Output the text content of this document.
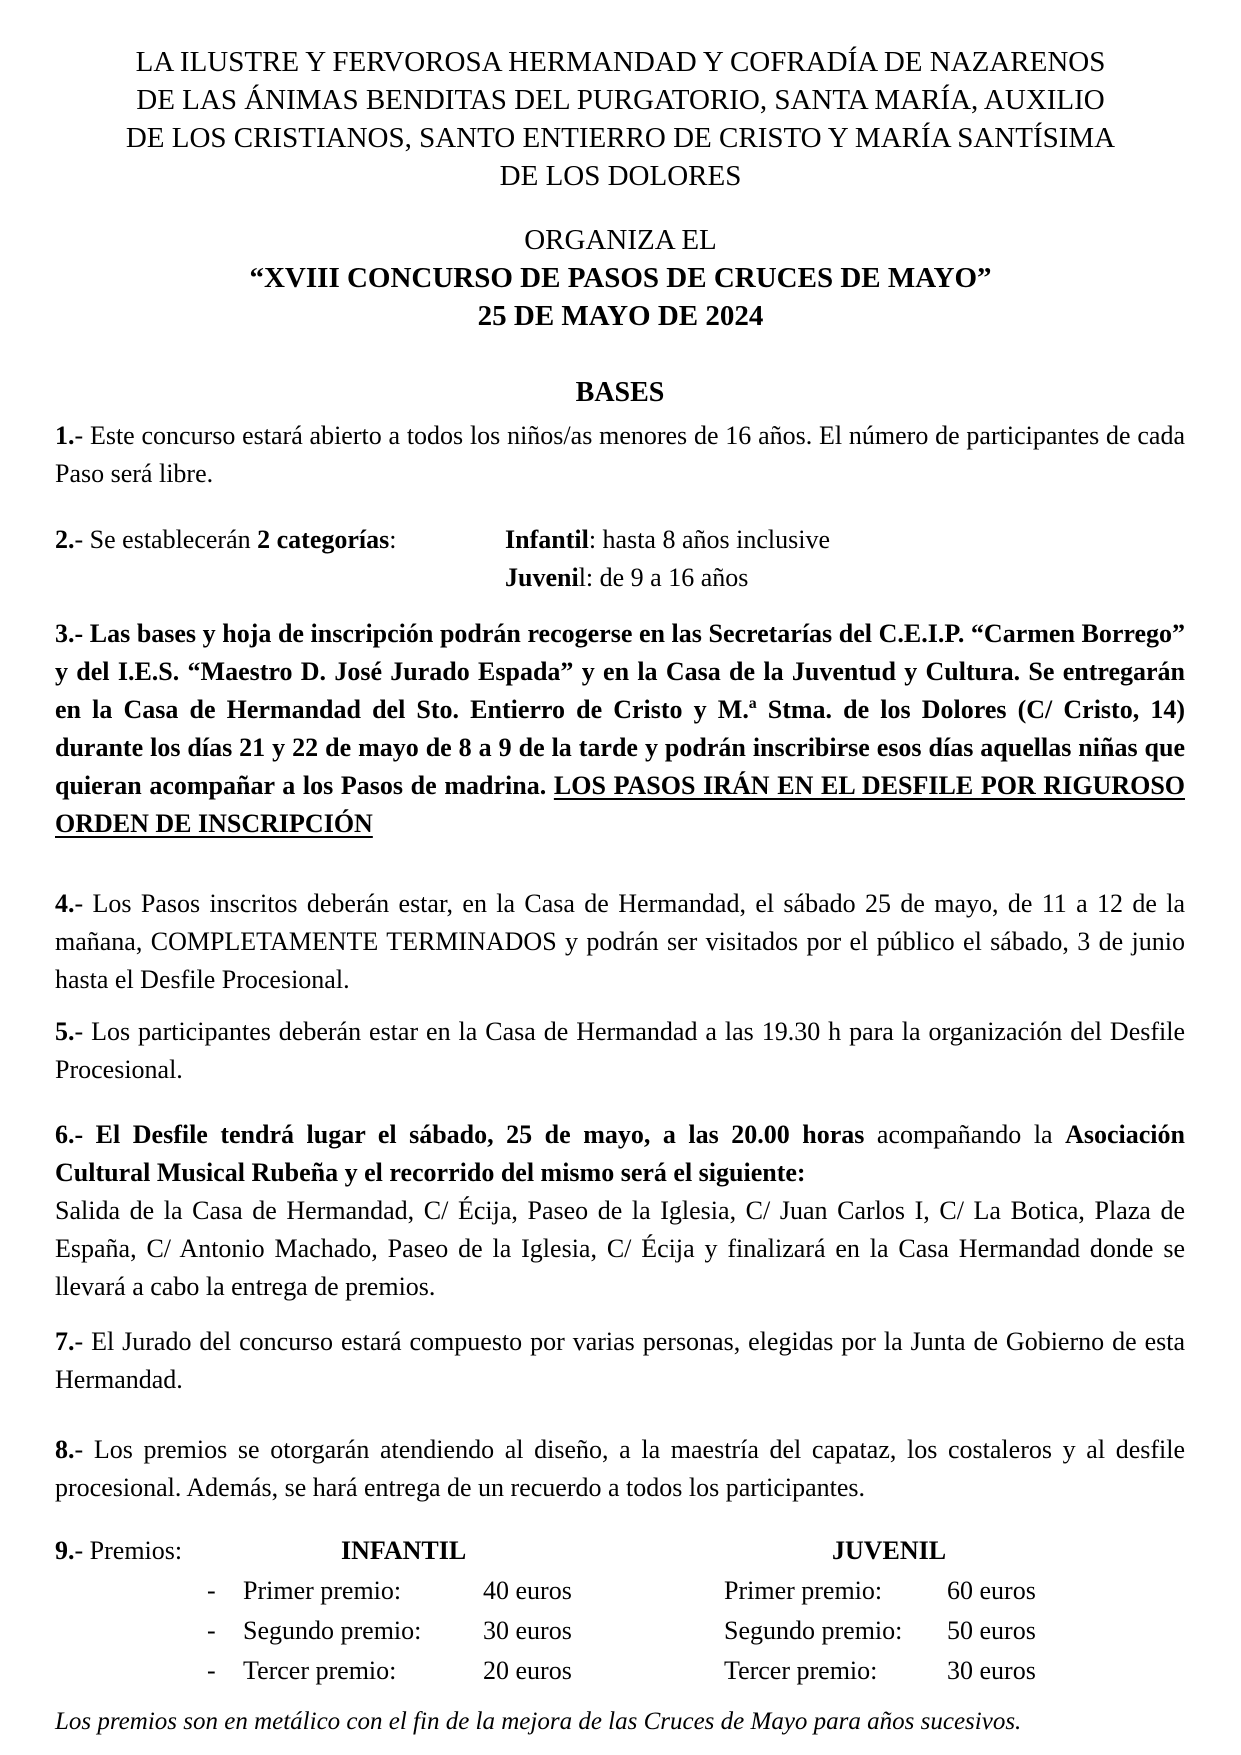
LA ILUSTRE Y FERVOROSA HERMANDAD Y COFRADÍA DE NAZARENOS
DE LAS ÁNIMAS BENDITAS DEL PURGATORIO, SANTA MARÍA, AUXILIO
DE LOS CRISTIANOS, SANTO ENTIERRO DE CRISTO Y MARÍA SANTÍSIMA
DE LOS DOLORES
ORGANIZA EL
“XVIII CONCURSO DE PASOS DE CRUCES DE MAYO”
25 DE MAYO DE 2024
BASES

1.- Este concurso estará abierto a todos los niños/as menores de 16 años. El número de participantes de cada Paso será libre.

2.- Se establecerán 2 categorías:	Infantil: hasta 8 años inclusive
Juvenil: de 9 a 16 años

3.- Las bases y hoja de inscripción podrán recogerse en las Secretarías del C.E.I.P. “Carmen Borrego” y del I.E.S. “Maestro D. José Jurado Espada” y en la Casa de la Juventud y Cultura. Se entregarán en la Casa de Hermandad del Sto. Entierro de Cristo y M.ª Stma. de los Dolores (C/ Cristo, 14) durante los días 21 y 22 de mayo de 8 a 9 de la tarde y podrán inscribirse esos días aquellas niñas que quieran acompañar a los Pasos de madrina. LOS PASOS IRÁN EN EL DESFILE POR RIGUROSO ORDEN DE INSCRIPCIÓN

4.- Los Pasos inscritos deberán estar, en la Casa de Hermandad, el sábado 25 de mayo, de 11 a 12 de la mañana, COMPLETAMENTE TERMINADOS y podrán ser visitados por el público el sábado, 3 de junio hasta el Desfile Procesional.

5.- Los participantes deberán estar en la Casa de Hermandad a las 19.30 h para la organización del Desfile Procesional.

6.- El Desfile tendrá lugar el sábado, 25 de mayo, a las 20.00 horas acompañando la Asociación Cultural Musical Rubeña y el recorrido del mismo será el siguiente:
Salida de la Casa de Hermandad, C/ Écija, Paseo de la Iglesia, C/ Juan Carlos I, C/ La Botica, Plaza de España, C/ Antonio Machado, Paseo de la Iglesia, C/ Écija y finalizará en la Casa Hermandad donde se llevará a cabo la entrega de premios.

7.- El Jurado del concurso estará compuesto por varias personas, elegidas por la Junta de Gobierno de esta Hermandad.

8.- Los premios se otorgarán atendiendo al diseño, a la maestría del capataz, los costaleros y al desfile procesional. Además, se hará entrega de un recuerdo a todos los participantes.

9.- Premios:	INFANTIL	JUVENIL
- Primer premio:	40 euros	Primer premio: 60 euros
- Segundo premio: 30 euros	Segundo premio: 50 euros
- Tercer premio:	20 euros	Tercer premio:	30 euros

Los premios son en metálico con el fin de la mejora de las Cruces de Mayo para años sucesivos.
